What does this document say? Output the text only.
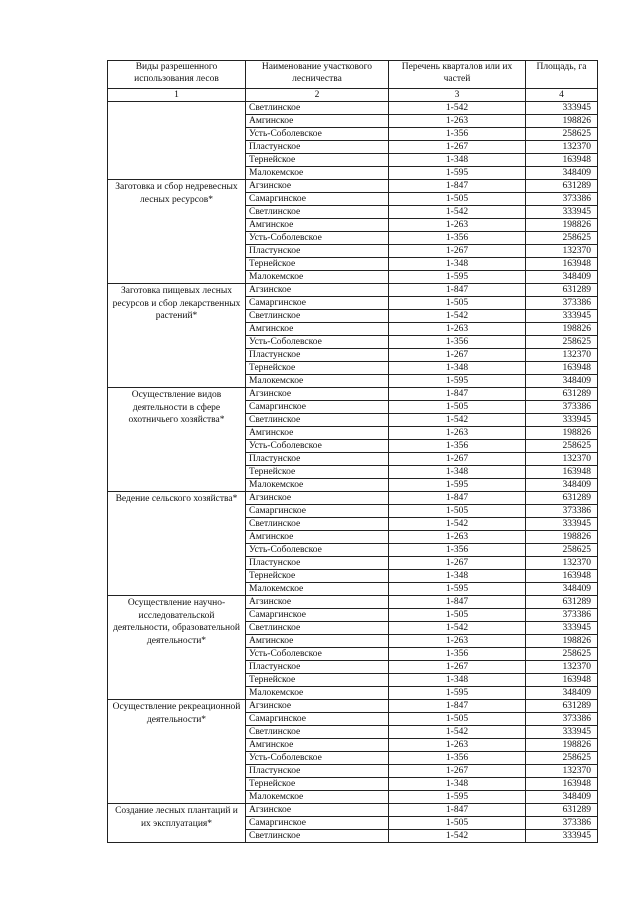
Виды разрешенного использования лесов	Наименование участкового лесничества	Перечень кварталов или их частей	Площадь, га
1	2	3	4
	Светлинское	1-542	333945
	Амгинское	1-263	198826
	Усть-Соболевское	1-356	258625
	Пластунское	1-267	132370
	Тернейское	1-348	163948
	Малокемское	1-595	348409
Заготовка и сбор недревесных лесных ресурсов*	Агзинское	1-847	631289
	Самаргинское	1-505	373386
	Светлинское	1-542	333945
	Амгинское	1-263	198826
	Усть-Соболевское	1-356	258625
	Пластунское	1-267	132370
	Тернейское	1-348	163948
	Малокемское	1-595	348409
Заготовка пищевых лесных ресурсов и сбор лекарственных растений*	Агзинское	1-847	631289
	Самаргинское	1-505	373386
	Светлинское	1-542	333945
	Амгинское	1-263	198826
	Усть-Соболевское	1-356	258625
	Пластунское	1-267	132370
	Тернейское	1-348	163948
	Малокемское	1-595	348409
Осуществление видов деятельности в сфере охотничьего хозяйства*	Агзинское	1-847	631289
	Самаргинское	1-505	373386
	Светлинское	1-542	333945
	Амгинское	1-263	198826
	Усть-Соболевское	1-356	258625
	Пластунское	1-267	132370
	Тернейское	1-348	163948
	Малокемское	1-595	348409
Ведение сельского хозяйства*	Агзинское	1-847	631289
	Самаргинское	1-505	373386
	Светлинское	1-542	333945
	Амгинское	1-263	198826
	Усть-Соболевское	1-356	258625
	Пластунское	1-267	132370
	Тернейское	1-348	163948
	Малокемское	1-595	348409
Осуществление научно-исследовательской деятельности, образовательной деятельности*	Агзинское	1-847	631289
	Самаргинское	1-505	373386
	Светлинское	1-542	333945
	Амгинское	1-263	198826
	Усть-Соболевское	1-356	258625
	Пластунское	1-267	132370
	Тернейское	1-348	163948
	Малокемское	1-595	348409
Осуществление рекреационной деятельности*	Агзинское	1-847	631289
	Самаргинское	1-505	373386
	Светлинское	1-542	333945
	Амгинское	1-263	198826
	Усть-Соболевское	1-356	258625
	Пластунское	1-267	132370
	Тернейское	1-348	163948
	Малокемское	1-595	348409
Создание лесных плантаций и их эксплуатация*	Агзинское	1-847	631289
	Самаргинское	1-505	373386
	Светлинское	1-542	333945
